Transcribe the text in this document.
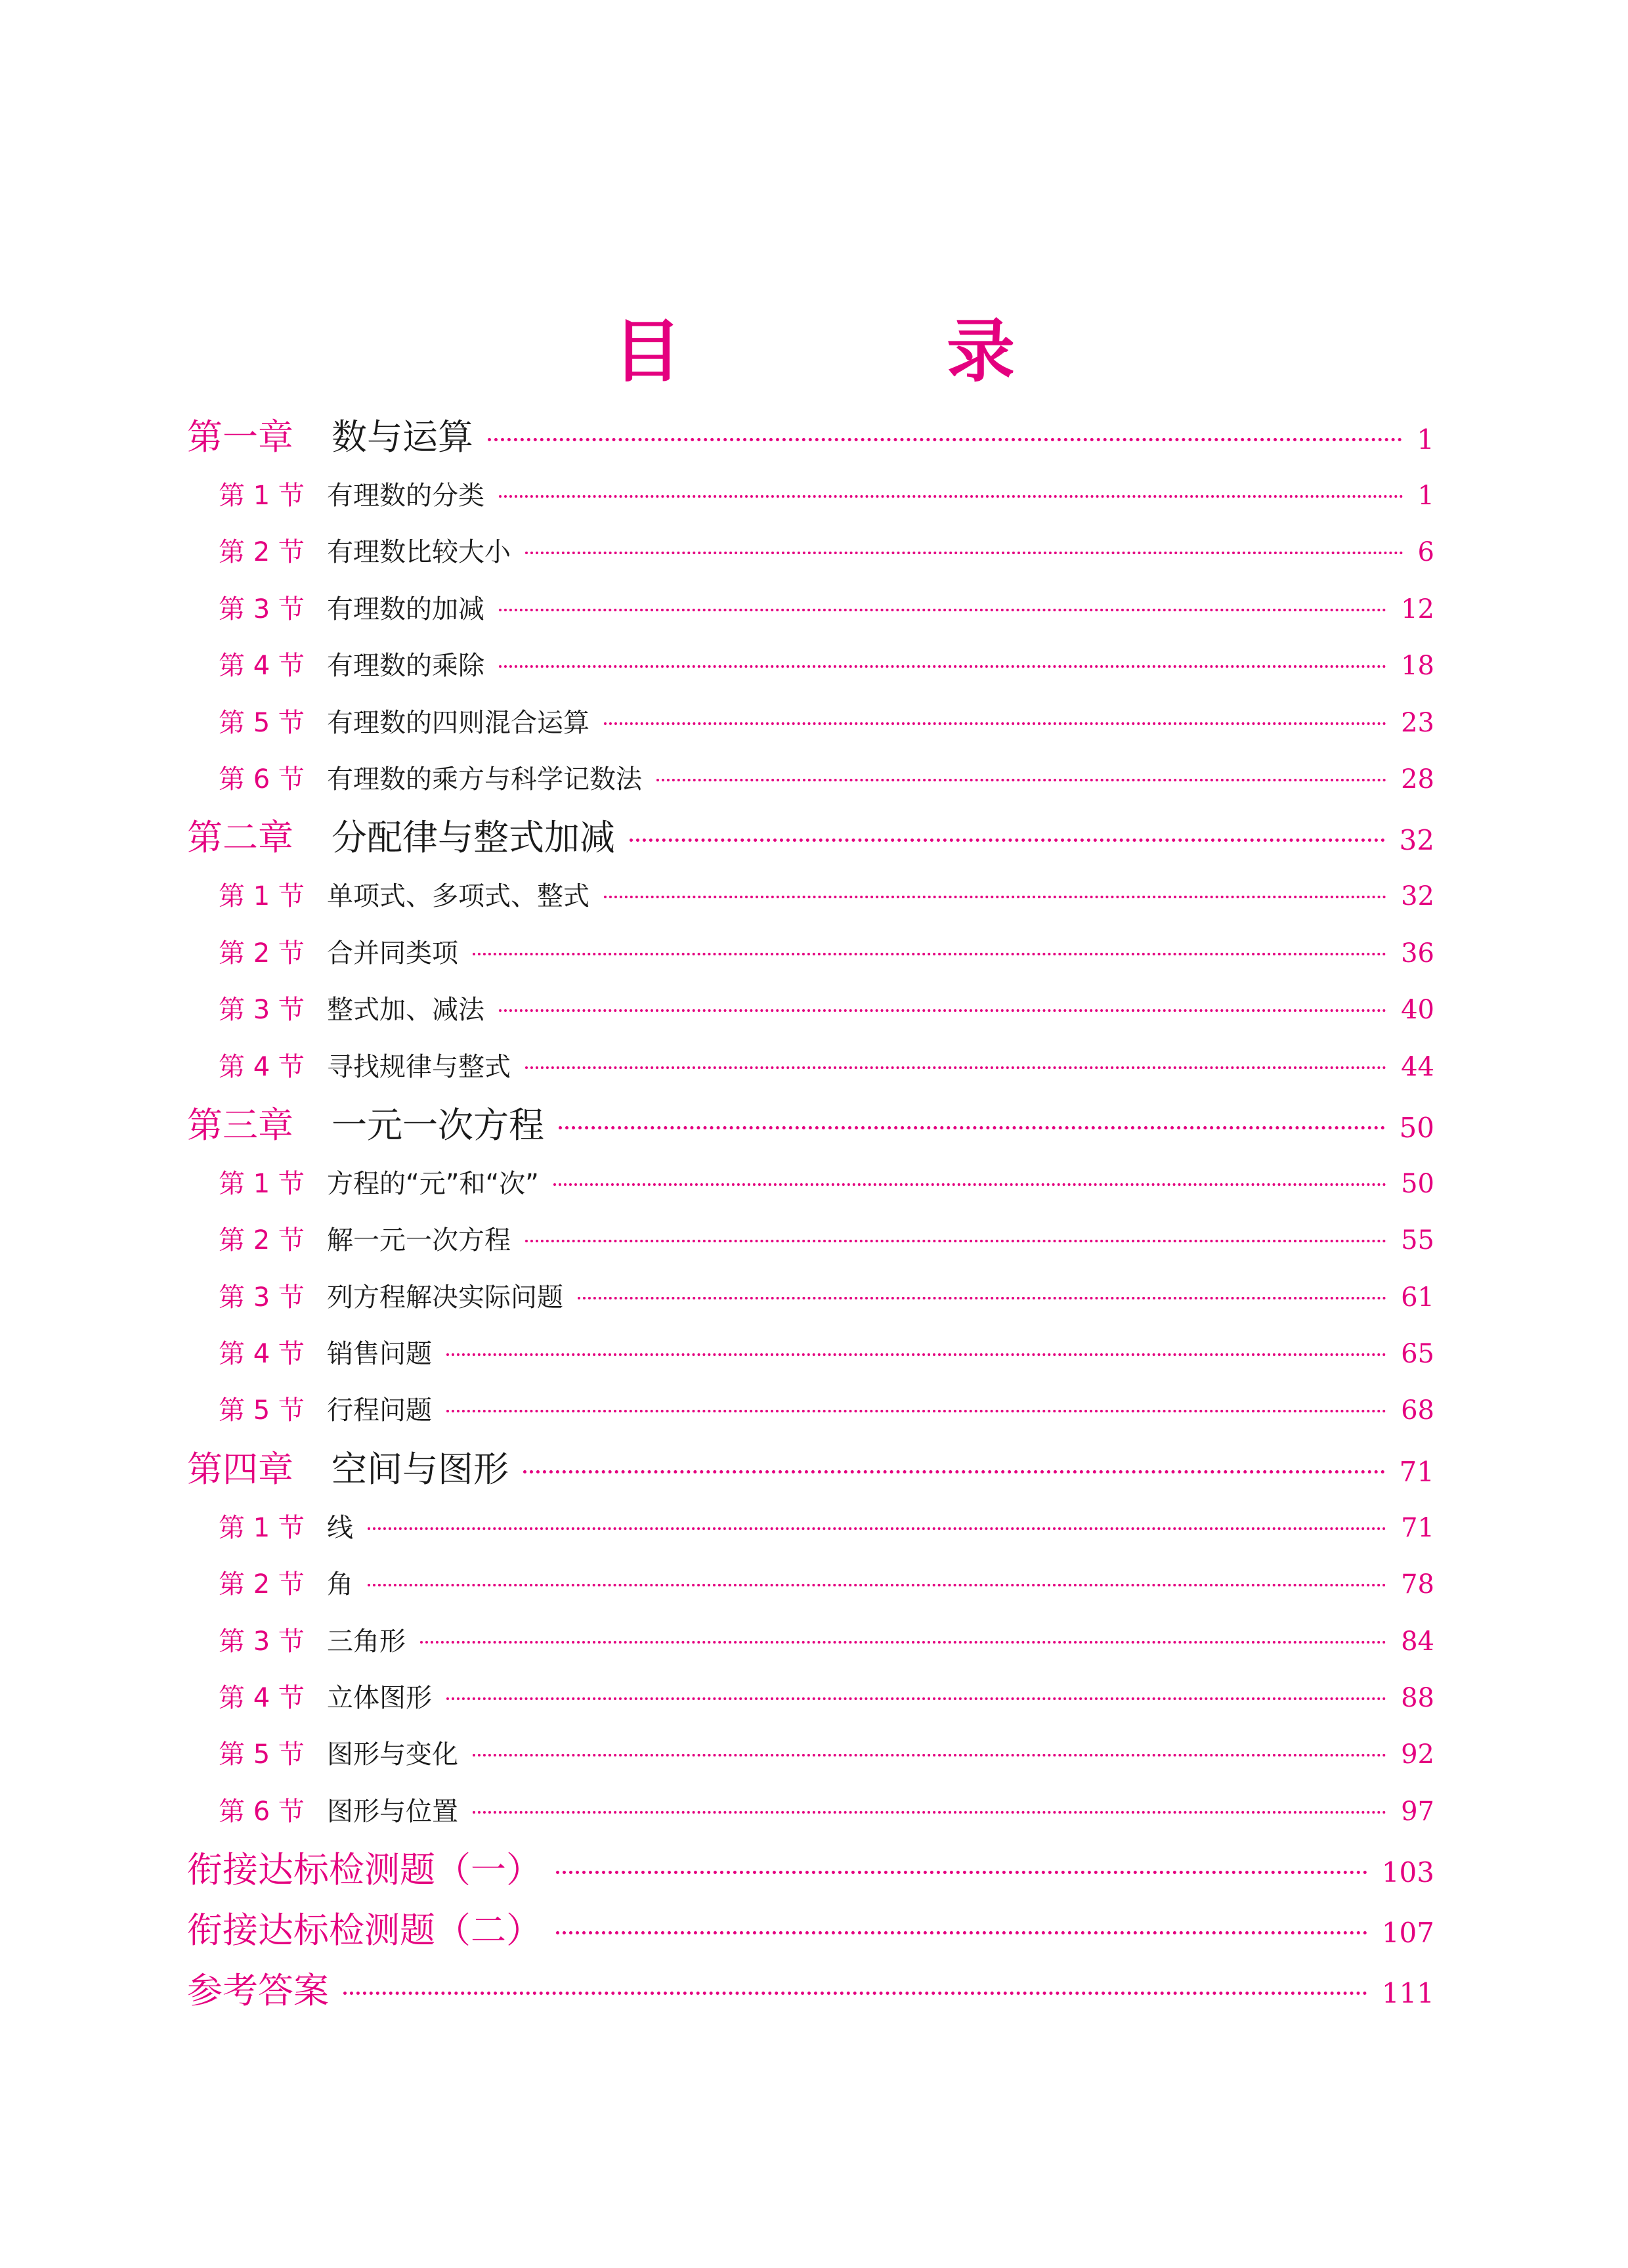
目　录
第一章	数与运算	1
第 1 节 有理数的分类	1
第 2 节 有理数比较大小	6
第 3 节 有理数的加减	12
第 4 节 有理数的乘除	18
第 5 节 有理数的四则混合运算	23
第 6 节 有理数的乘方与科学记数法	28
第二章	分配律与整式加减	32
第 1 节 单项式、多项式、整式	32
第 2 节 合并同类项	36
第 3 节 整式加、减法	40
第 4 节 寻找规律与整式	44
第三章	一元一次方程	50
第 1 节 方程的“元”和“次”	50
第 2 节 解一元一次方程	55
第 3 节 列方程解决实际问题	61
第 4 节 销售问题	65
第 5 节 行程问题	68
第四章	空间与图形	71
第 1 节 线	71
第 2 节 角	78
第 3 节 三角形	84
第 4 节 立体图形	88
第 5 节 图形与变化	92
第 6 节 图形与位置	97
衔接达标检测题（一）	103
衔接达标检测题（二）	107
参考答案	111
